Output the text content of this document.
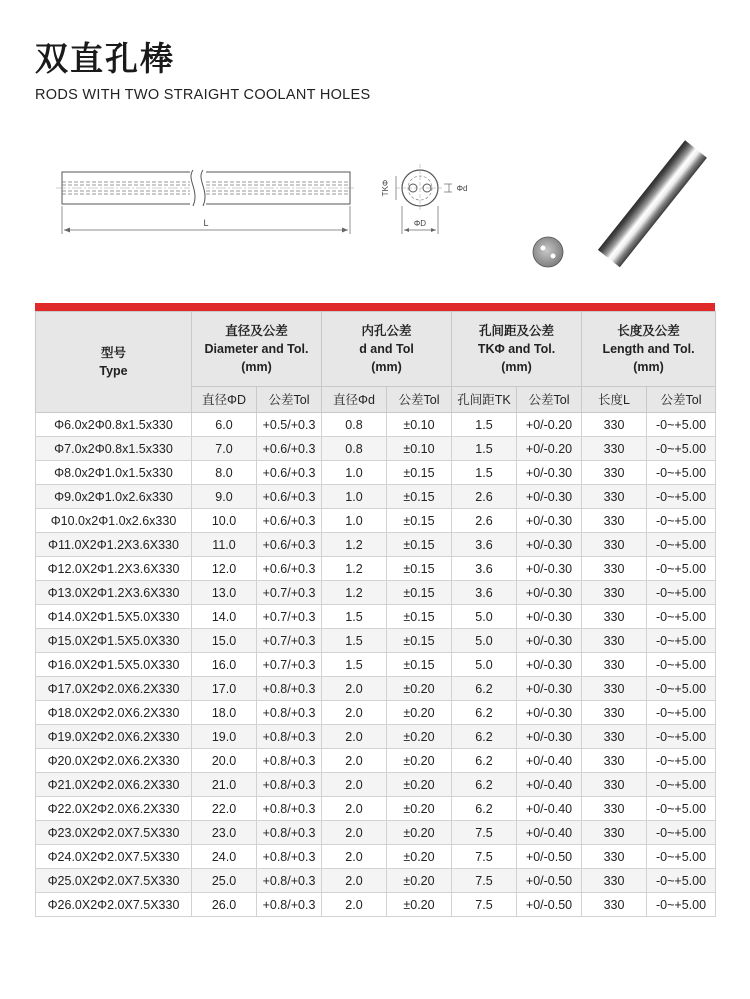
双直孔棒

RODS WITH TWO STRAIGHT COOLANT HOLES

L
TKΦ	Φd
ΦD
型号
Type	直径及公差
Diameter and Tol.
(mm)		内孔公差
d and Tol
(mm)		孔间距及公差
TKΦ and Tol.
(mm)		长度及公差
Length and Tol.
(mm)	

	直径ΦD	公差Tol	直径Φd	公差Tol	孔间距TK	公差Tol	长度L	公差Tol
Φ6.0x2Φ0.8x1.5x330	6.0	+0.5/+0.3	0.8	±0.10	1.5	+0/-0.20	330	-0~+5.00
Φ7.0x2Φ0.8x1.5x330	7.0	+0.6/+0.3	0.8	±0.10	1.5	+0/-0.20	330	-0~+5.00
Φ8.0x2Φ1.0x1.5x330	8.0	+0.6/+0.3	1.0	±0.15	1.5	+0/-0.30	330	-0~+5.00
Φ9.0x2Φ1.0x2.6x330	9.0	+0.6/+0.3	1.0	±0.15	2.6	+0/-0.30	330	-0~+5.00
Φ10.0x2Φ1.0x2.6x330	10.0	+0.6/+0.3	1.0	±0.15	2.6	+0/-0.30	330	-0~+5.00
Φ11.0X2Φ1.2X3.6X330	11.0	+0.6/+0.3	1.2	±0.15	3.6	+0/-0.30	330	-0~+5.00
Φ12.0X2Φ1.2X3.6X330	12.0	+0.6/+0.3	1.2	±0.15	3.6	+0/-0.30	330	-0~+5.00
Φ13.0X2Φ1.2X3.6X330	13.0	+0.7/+0.3	1.2	±0.15	3.6	+0/-0.30	330	-0~+5.00
Φ14.0X2Φ1.5X5.0X330	14.0	+0.7/+0.3	1.5	±0.15	5.0	+0/-0.30	330	-0~+5.00
Φ15.0X2Φ1.5X5.0X330	15.0	+0.7/+0.3	1.5	±0.15	5.0	+0/-0.30	330	-0~+5.00
Φ16.0X2Φ1.5X5.0X330	16.0	+0.7/+0.3	1.5	±0.15	5.0	+0/-0.30	330	-0~+5.00
Φ17.0X2Φ2.0X6.2X330	17.0	+0.8/+0.3	2.0	±0.20	6.2	+0/-0.30	330	-0~+5.00
Φ18.0X2Φ2.0X6.2X330	18.0	+0.8/+0.3	2.0	±0.20	6.2	+0/-0.30	330	-0~+5.00
Φ19.0X2Φ2.0X6.2X330	19.0	+0.8/+0.3	2.0	±0.20	6.2	+0/-0.30	330	-0~+5.00
Φ20.0X2Φ2.0X6.2X330	20.0	+0.8/+0.3	2.0	±0.20	6.2	+0/-0.40	330	-0~+5.00
Φ21.0X2Φ2.0X6.2X330	21.0	+0.8/+0.3	2.0	±0.20	6.2	+0/-0.40	330	-0~+5.00
Φ22.0X2Φ2.0X6.2X330	22.0	+0.8/+0.3	2.0	±0.20	6.2	+0/-0.40	330	-0~+5.00
Φ23.0X2Φ2.0X7.5X330	23.0	+0.8/+0.3	2.0	±0.20	7.5	+0/-0.40	330	-0~+5.00
Φ24.0X2Φ2.0X7.5X330	24.0	+0.8/+0.3	2.0	±0.20	7.5	+0/-0.50	330	-0~+5.00
Φ25.0X2Φ2.0X7.5X330	25.0	+0.8/+0.3	2.0	±0.20	7.5	+0/-0.50	330	-0~+5.00
Φ26.0X2Φ2.0X7.5X330	26.0	+0.8/+0.3	2.0	±0.20	7.5	+0/-0.50	330	-0~+5.00
